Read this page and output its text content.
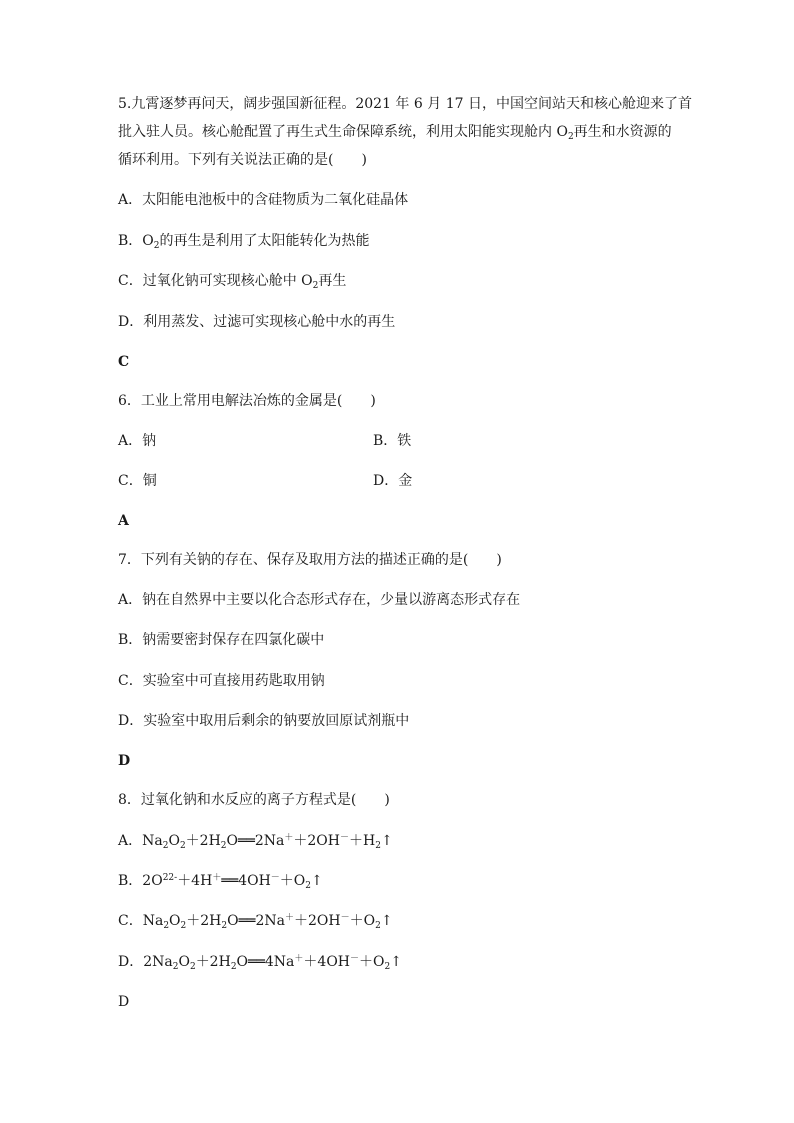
5.九霄逐梦再问天，阔步强国新征程。2021 年 6 月 17 日，中国空间站天和核心舱迎来了首
批入驻人员。核心舱配置了再生式生命保障系统，利用太阳能实现舱内 $O_2$再生和水资源的
循环利用。下列有关说法正确的是(　　)
A．太阳能电池板中的含硅物质为二氧化硅晶体
B．$O_2$的再生是利用了太阳能转化为热能
C．过氧化钠可实现核心舱中 $O_2$再生
D．利用蒸发、过滤可实现核心舱中水的再生
C
6．工业上常用电解法冶炼的金属是(　　)
A．钠	B．铁
C．铜	D．金
A
7．下列有关钠的存在、保存及取用方法的描述正确的是(　　)
A．钠在自然界中主要以化合态形式存在，少量以游离态形式存在
B．钠需要密封保存在四氯化碳中
C．实验室中可直接用药匙取用钠
D．实验室中取用后剩余的钠要放回原试剂瓶中
D
8．过氧化钠和水反应的离子方程式是(　　)
A．$Na_2O_2+2H_2O══2Na^++2OH^-+H_2↑$
B．$2O^{22-}+4H^+══4OH^-+O_2↑$
C．$Na_2O_2+2H_2O══2Na^++2OH^-+O_2↑$
D．$2Na_2O_2+2H_2O══4Na^++4OH^-+O_2↑$
D
